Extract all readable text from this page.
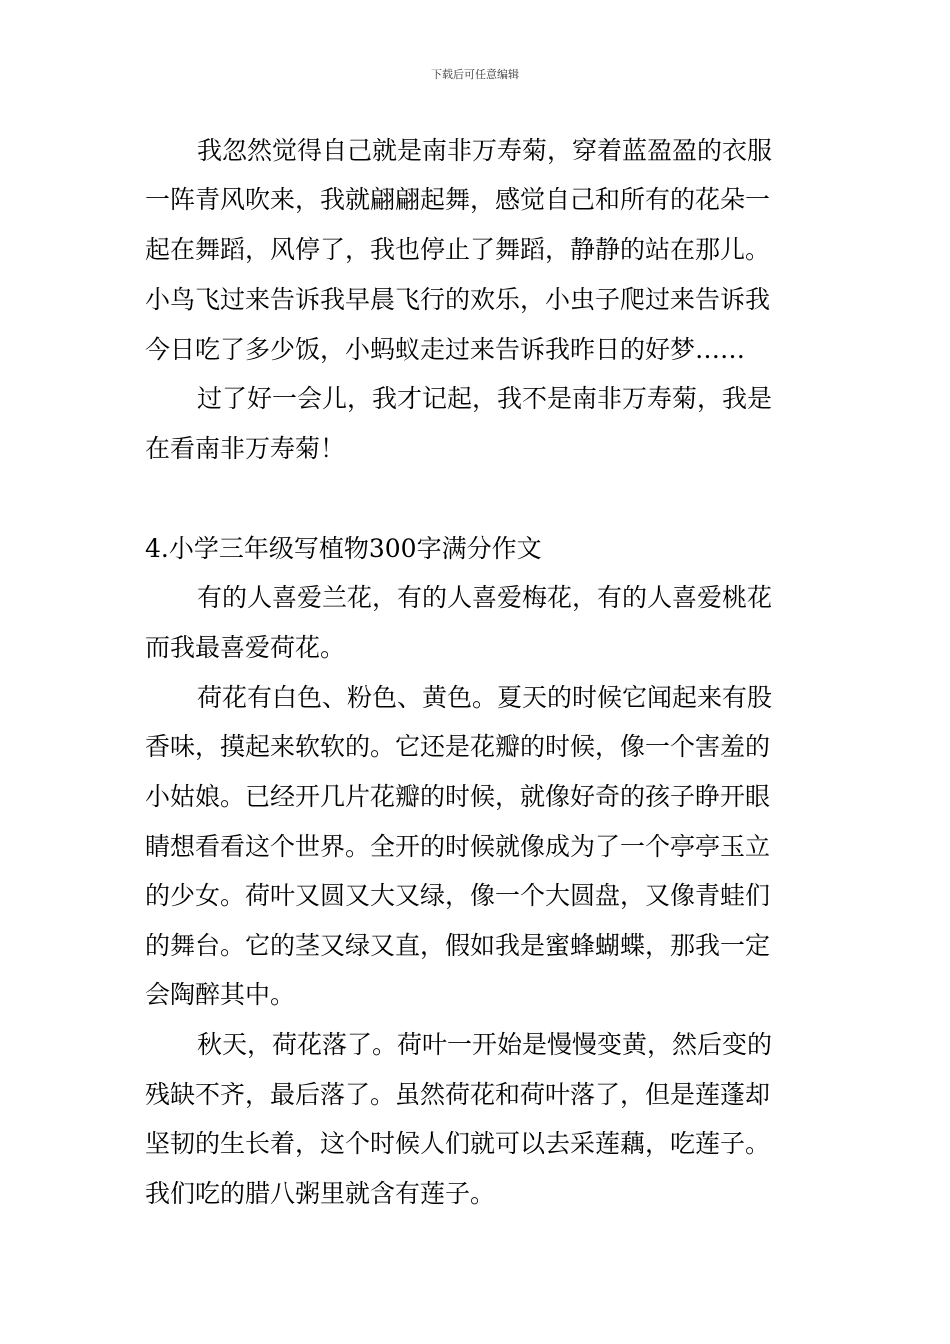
下载后可任意编辑
我忽然觉得自己就是南非万寿菊，穿着蓝盈盈的衣服
一阵青风吹来，我就翩翩起舞，感觉自己和所有的花朵一
起在舞蹈，风停了，我也停止了舞蹈，静静的站在那儿。
小鸟飞过来告诉我早晨飞行的欢乐，小虫子爬过来告诉我
今日吃了多少饭，小蚂蚁走过来告诉我昨日的好梦……
过了好一会儿，我才记起，我不是南非万寿菊，我是
在看南非万寿菊！
4.小学三年级写植物300字满分作文
有的人喜爱兰花，有的人喜爱梅花，有的人喜爱桃花
而我最喜爱荷花。
荷花有白色、粉色、黄色。夏天的时候它闻起来有股
香味，摸起来软软的。它还是花瓣的时候，像一个害羞的
小姑娘。已经开几片花瓣的时候，就像好奇的孩子睁开眼
睛想看看这个世界。全开的时候就像成为了一个亭亭玉立
的少女。荷叶又圆又大又绿，像一个大圆盘，又像青蛙们
的舞台。它的茎又绿又直，假如我是蜜蜂蝴蝶，那我一定
会陶醉其中。
秋天，荷花落了。荷叶一开始是慢慢变黄，然后变的
残缺不齐，最后落了。虽然荷花和荷叶落了，但是莲蓬却
坚韧的生长着，这个时候人们就可以去采莲藕，吃莲子。
我们吃的腊八粥里就含有莲子。
